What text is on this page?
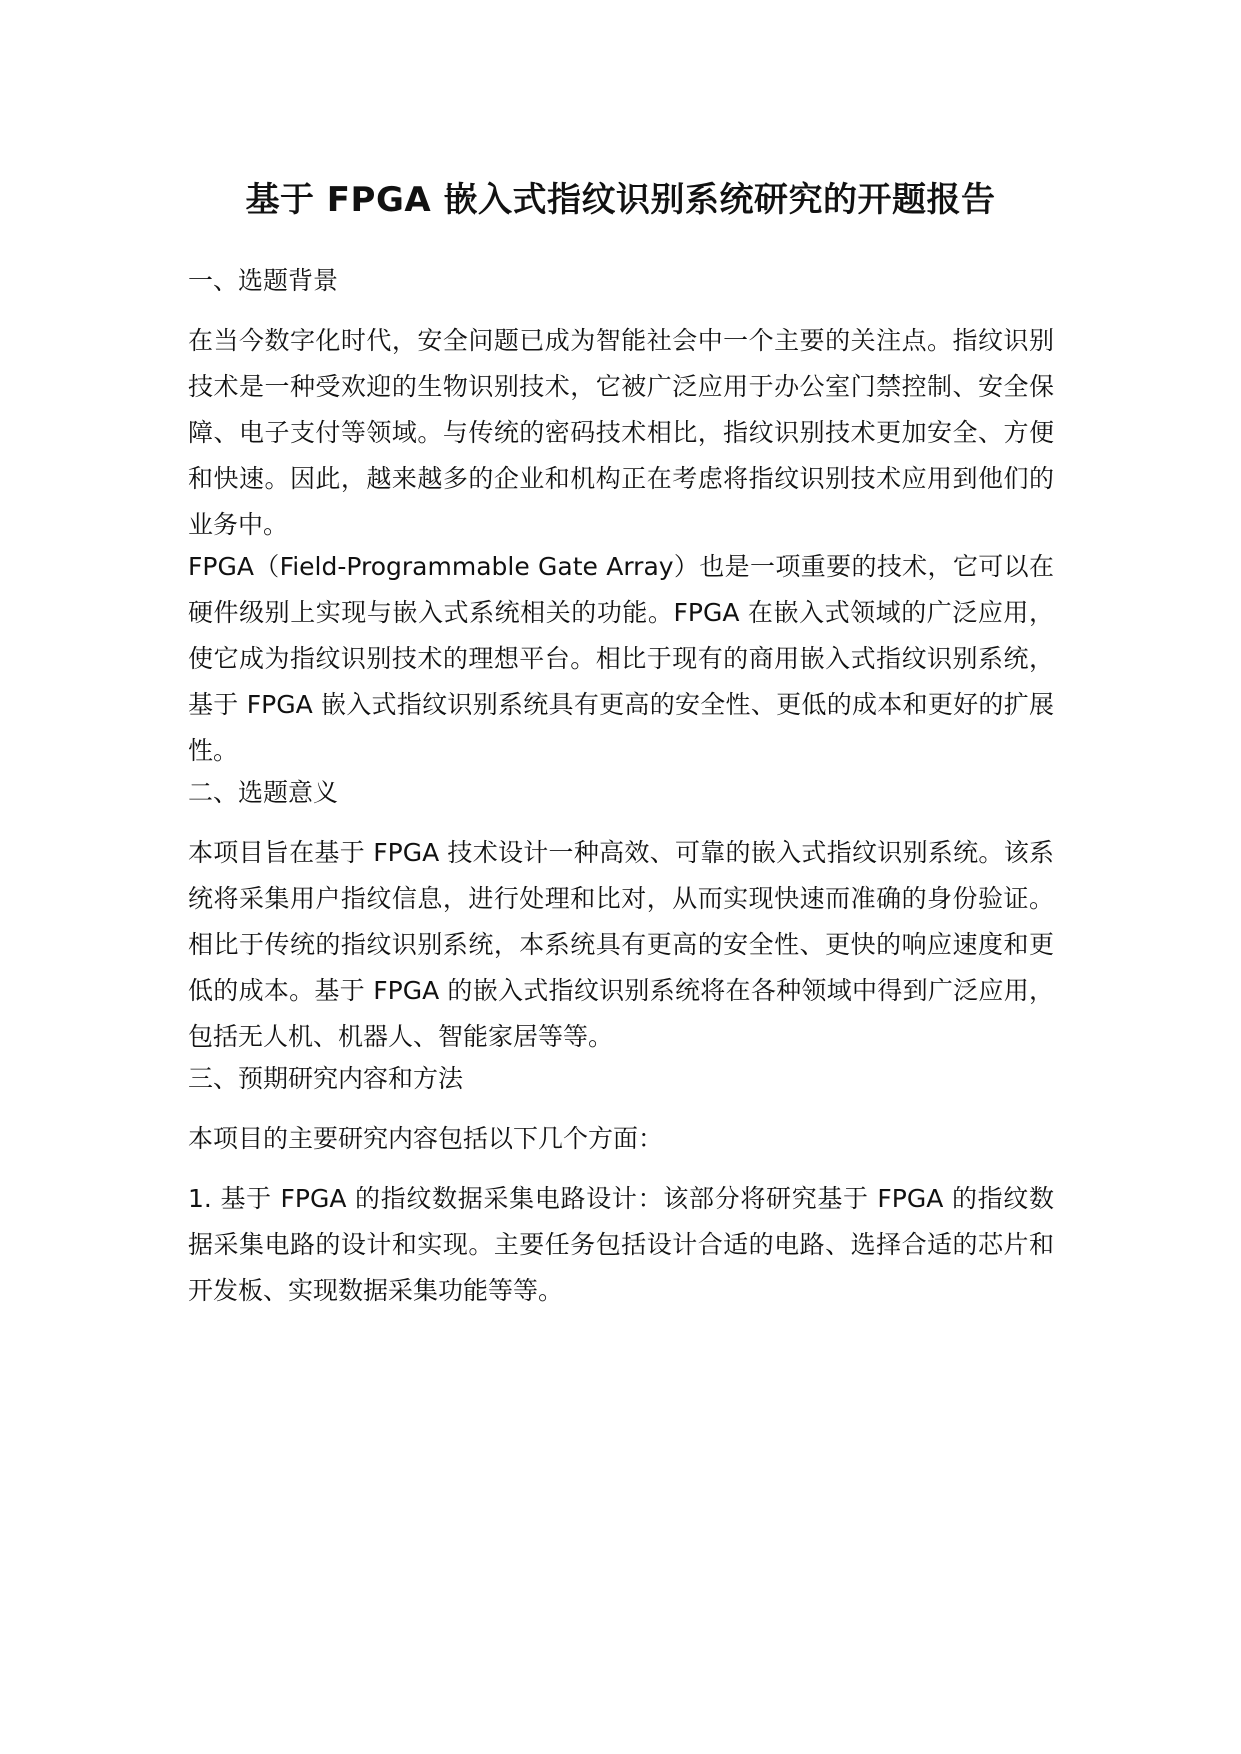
基于 FPGA 嵌入式指纹识别系统研究的开题报告

一、选题背景

在当今数字化时代，安全问题已成为智能社会中一个主要的关注点。指纹识别技术是一种受欢迎的生物识别技术，它被广泛应用于办公室门禁控制、安全保障、电子支付等领域。与传统的密码技术相比，指纹识别技术更加安全、方便和快速。因此，越来越多的企业和机构正在考虑将指纹识别技术应用到他们的业务中。

FPGA（Field-Programmable Gate Array）也是一项重要的技术，它可以在硬件级别上实现与嵌入式系统相关的功能。FPGA 在嵌入式领域的广泛应用，使它成为指纹识别技术的理想平台。相比于现有的商用嵌入式指纹识别系统，基于 FPGA 嵌入式指纹识别系统具有更高的安全性、更低的成本和更好的扩展性。

二、选题意义

本项目旨在基于 FPGA 技术设计一种高效、可靠的嵌入式指纹识别系统。该系统将采集用户指纹信息，进行处理和比对，从而实现快速而准确的身份验证。相比于传统的指纹识别系统，本系统具有更高的安全性、更快的响应速度和更低的成本。基于 FPGA 的嵌入式指纹识别系统将在各种领域中得到广泛应用，包括无人机、机器人、智能家居等等。

三、预期研究内容和方法

本项目的主要研究内容包括以下几个方面：

1. 基于 FPGA 的指纹数据采集电路设计：该部分将研究基于 FPGA 的指纹数据采集电路的设计和实现。主要任务包括设计合适的电路、选择合适的芯片和开发板、实现数据采集功能等等。
